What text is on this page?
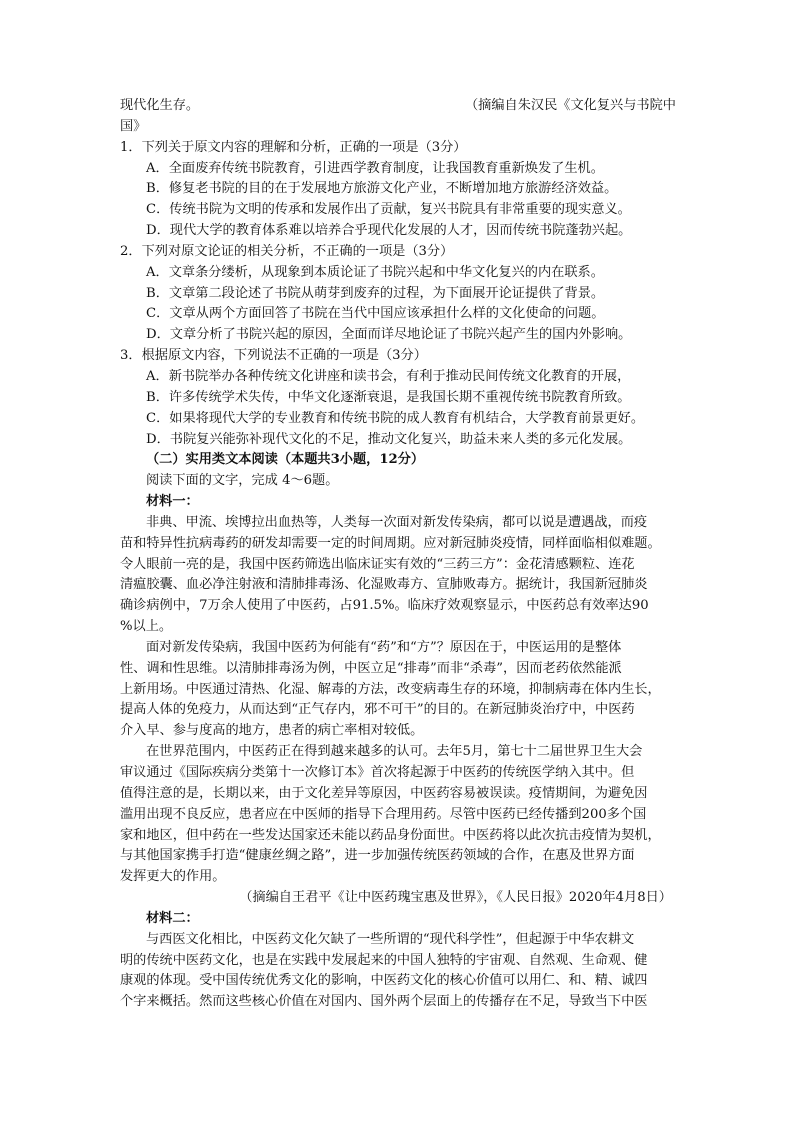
现代化生存。	（摘编自朱汉民《文化复兴与书院中
国》
1．下列关于原文内容的理解和分析，正确的一项是（3分）
A．全面废弃传统书院教育，引进西学教育制度，让我国教育重新焕发了生机。
B．修复老书院的目的在于发展地方旅游文化产业，不断增加地方旅游经济效益。
C．传统书院为文明的传承和发展作出了贡献，复兴书院具有非常重要的现实意义。
D．现代大学的教育体系难以培养合乎现代化发展的人才，因而传统书院蓬勃兴起。
2．下列对原文论证的相关分析，不正确的一项是（3分）
A．文章条分缕析，从现象到本质论证了书院兴起和中华文化复兴的内在联系。
B．文章第二段论述了书院从萌芽到废弃的过程，为下面展开论证提供了背景。
C．文章从两个方面回答了书院在当代中国应该承担什么样的文化使命的问题。
D．文章分析了书院兴起的原因，全面而详尽地论证了书院兴起产生的国内外影响。
3．根据原文内容，下列说法不正确的一项是（3分）
A．新书院举办各种传统文化讲座和读书会，有利于推动民间传统文化教育的开展，
B．许多传统学术失传，中华文化逐渐衰退，是我国长期不重视传统书院教育所致。
C．如果将现代大学的专业教育和传统书院的成人教育有机结合，大学教育前景更好。
D．书院复兴能弥补现代文化的不足，推动文化复兴，助益未来人类的多元化发展。
（二）实用类文本阅读（本题共3小题，12分）
阅读下面的文字，完成 4～6题。
材料一：
非典、甲流、埃博拉出血热等，人类每一次面对新发传染病，都可以说是遭遇战，而疫
苗和特异性抗病毒药的研发却需要一定的时间周期。应对新冠肺炎疫情，同样面临相似难题。
令人眼前一亮的是，我国中医药筛选出临床证实有效的“三药三方”：金花清感颗粒、连花
清瘟胶囊、血必净注射液和清肺排毒汤、化湿败毒方、宣肺败毒方。据统计，我国新冠肺炎
确诊病例中，7万余人使用了中医药，占91.5%。临床疗效观察显示，中医药总有效率达90
%以上。
面对新发传染病，我国中医药为何能有“药”和“方”？原因在于，中医运用的是整体
性、调和性思维。以清肺排毒汤为例，中医立足“排毒”而非“杀毒”，因而老药依然能派
上新用场。中医通过清热、化湿、解毒的方法，改变病毒生存的环境，抑制病毒在体内生长，
提高人体的免疫力，从而达到“正气存内，邪不可干”的目的。在新冠肺炎治疗中，中医药
介入早、参与度高的地方，患者的病亡率相对较低。
在世界范围内，中医药正在得到越来越多的认可。去年5月，第七十二届世界卫生大会
审议通过《国际疾病分类第十一次修订本》首次将起源于中医药的传统医学纳入其中。但
值得注意的是，长期以来，由于文化差异等原因，中医药容易被误读。疫情期间，为避免因
滥用出现不良反应，患者应在中医师的指导下合理用药。尽管中医药已经传播到200多个国
家和地区，但中药在一些发达国家还未能以药品身份面世。中医药将以此次抗击疫情为契机，
与其他国家携手打造“健康丝绸之路”，进一步加强传统医药领域的合作，在惠及世界方面
发挥更大的作用。
（摘编自王君平《让中医药瑰宝惠及世界》，《人民日报》2020年4月8日）
材料二：
与西医文化相比，中医药文化欠缺了一些所谓的“现代科学性”，但起源于中华农耕文
明的传统中医药文化，也是在实践中发展起来的中国人独特的宇宙观、自然观、生命观、健
康观的体现。受中国传统优秀文化的影响，中医药文化的核心价值可以用仁、和、精、诚四
个字来概括。然而这些核心价值在对国内、国外两个层面上的传播存在不足，导致当下中医
